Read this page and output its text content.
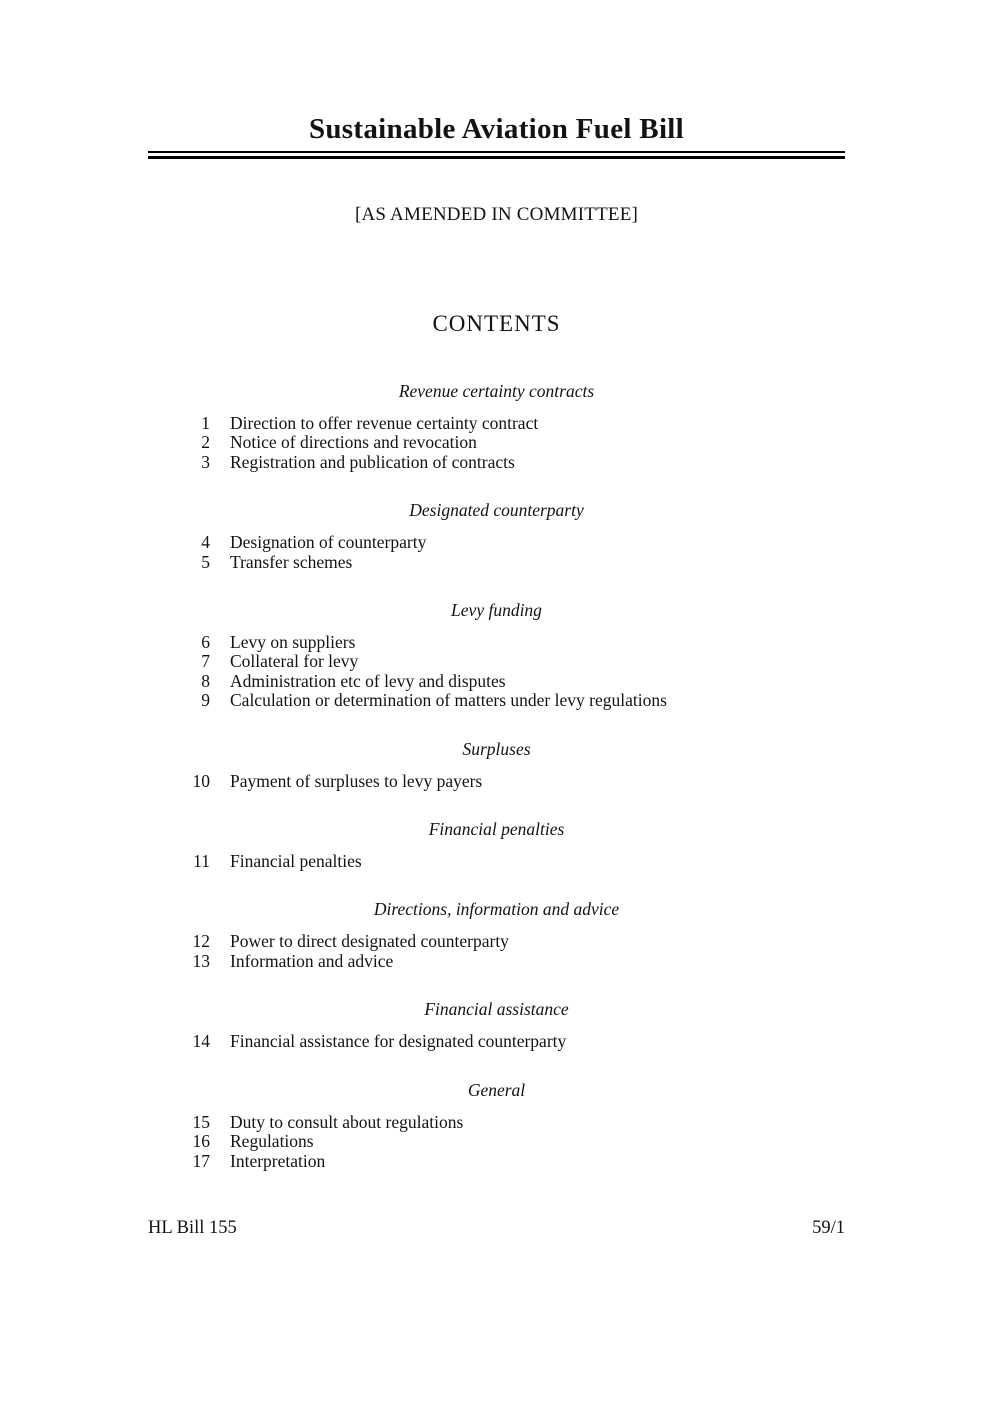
Sustainable Aviation Fuel Bill
[AS AMENDED IN COMMITTEE]
CONTENTS
Revenue certainty contracts
1 Direction to offer revenue certainty contract
2 Notice of directions and revocation
3 Registration and publication of contracts
Designated counterparty
4 Designation of counterparty
5 Transfer schemes
Levy funding
6 Levy on suppliers
7 Collateral for levy
8 Administration etc of levy and disputes
9 Calculation or determination of matters under levy regulations
Surpluses
10 Payment of surpluses to levy payers
Financial penalties
11 Financial penalties
Directions, information and advice
12 Power to direct designated counterparty
13 Information and advice
Financial assistance
14 Financial assistance for designated counterparty
General
15 Duty to consult about regulations
16 Regulations
17 Interpretation
HL Bill 155	59/1
